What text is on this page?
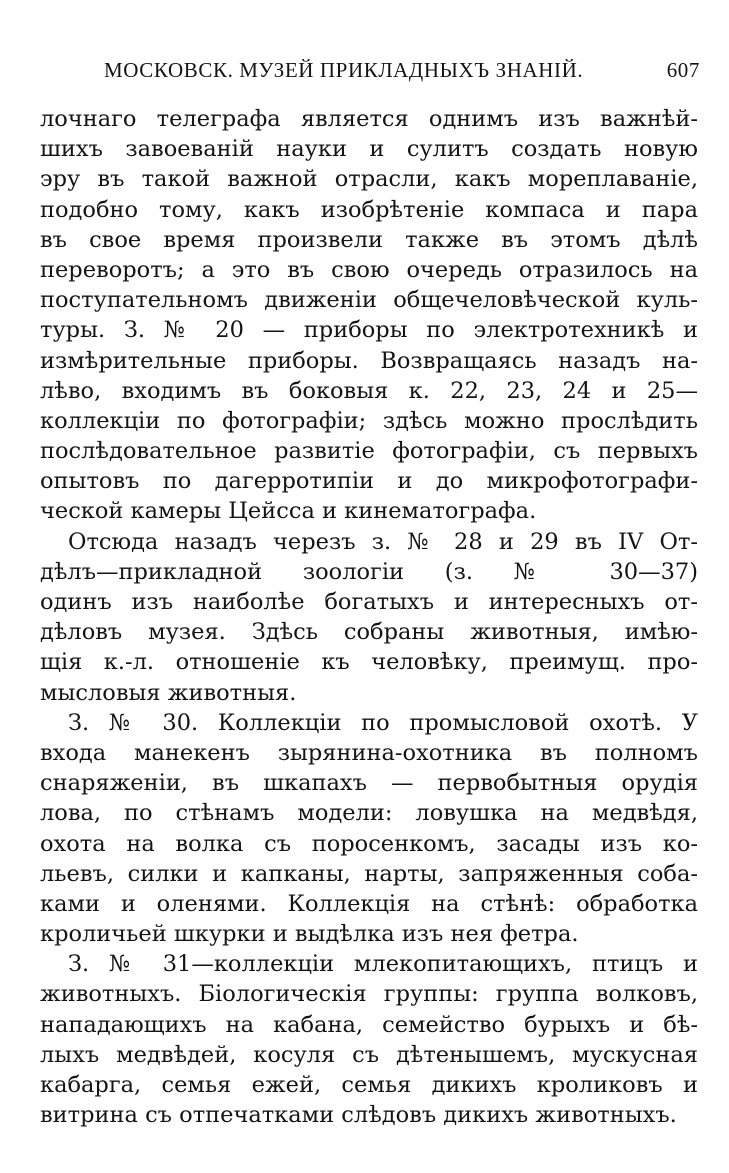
МОСКОВСК. МУЗЕЙ ПРИКЛАДНЫХЪ ЗНАНIЙ.	607
лочнаго телеграфа является однимъ изъ важнѣй-
шихъ завоеванiй науки и сулитъ создать новую
эру въ такой важной отрасли, какъ мореплаванiе,
подобно тому, какъ изобрѣтенiе компаса и пара
въ свое время произвели также въ этомъ дѣлѣ
переворотъ; а это въ свою очередь отразилось на
поступательномъ движенiи общечеловѣческой куль-
туры. З. № 20 — приборы по электротехникѣ и
измѣрительные приборы. Возвращаясь назадъ на-
лѣво, входимъ въ боковыя к. 22, 23, 24 и 25—
коллекцiи по фотографiи; здѣсь можно прослѣдить
послѣдовательное развитiе фотографiи, съ первыхъ
опытовъ по дагерротипiи и до микрофотографи-
ческой камеры Цейсса и кинематографа.
Отсюда назадъ черезъ з. № 28 и 29 въ IV От-
дѣлъ—прикладной зоологiи (з. № 30—37)
одинъ изъ наиболѣе богатыхъ и интересныхъ от-
дѣловъ музея. Здѣсь собраны животныя, имѣю-
щiя к.-л. отношенiе къ человѣку, преимущ. про-
мысловыя животныя.
З. № 30. Коллекцiи по промысловой охотѣ. У
входа манекенъ зырянина-охотника въ полномъ
снаряженiи, въ шкапахъ — первобытныя орудiя
лова, по стѣнамъ модели: ловушка на медвѣдя,
охота на волка съ поросенкомъ, засады изъ ко-
льевъ, силки и капканы, нарты, запряженныя соба-
ками и оленями. Коллекцiя на стѣнѣ: обработка
кроличьей шкурки и выдѣлка изъ нея фетра.
З. № 31—коллекцiи млекопитающихъ, птицъ и
животныхъ. Бiологическiя группы: группа волковъ,
нападающихъ на кабана, семейство бурыхъ и бѣ-
лыхъ медвѣдей, косуля съ дѣтенышемъ, мускусная
кабарга, семья ежей, семья дикихъ кроликовъ и
витрина съ отпечатками слѣдовъ дикихъ животныхъ.
